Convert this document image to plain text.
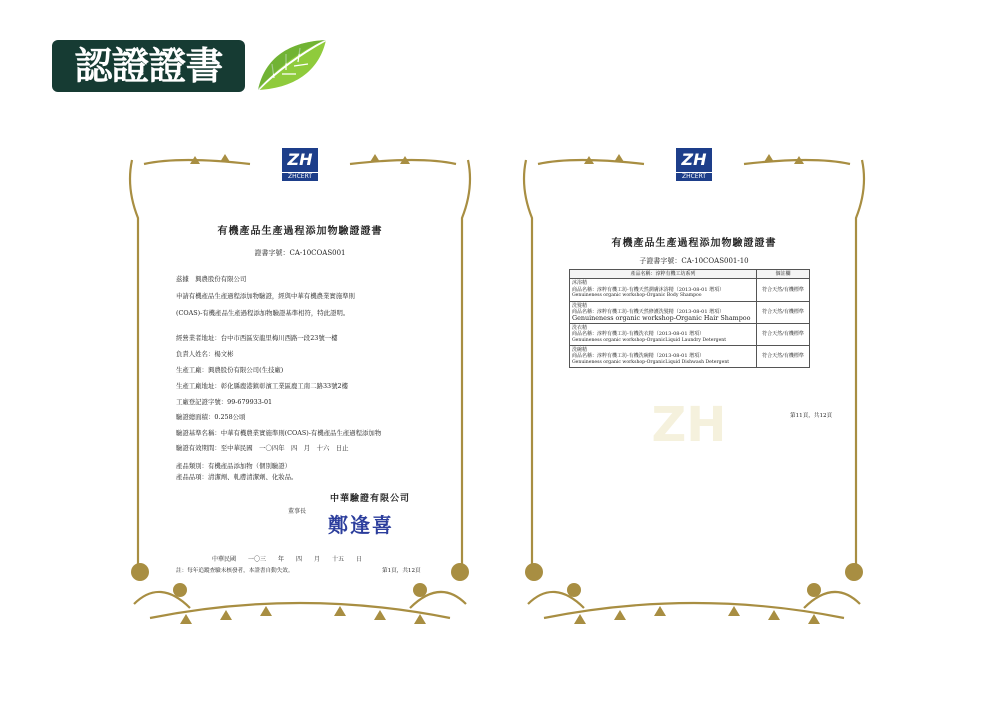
認證證書
ZH
ZHCERT
有機產品生產過程添加物驗證證書
證書字號：CA-10COAS001
茲據　興農股份有限公司
申請有機產品生產過程添加物驗證，經與中華有機農業實施準則
(COAS)-有機產品生產過程添加物驗證基準相符，特此證明。
經營業者地址：台中市西區安龍里梅川西路一段23號一樓
負責人姓名：楊文彬
生產工廠：興農股份有限公司(生技廠)
生產工廠地址：彰化縣鹿港鎮彰濱工業區鹿工南二路33號2樓
工廠登記證字號：99-679933-01
驗證總面積：0.258公頃
驗證基準名稱：中華有機農業實施準則(COAS)-有機產品生產過程添加物
驗證有效期間：至中華民國　一〇四年　四　月　十六　日止
產品類別：有機產品添加物（個別驗證）
產品品項：清潔劑、軋膚清潔劑、化妝品。
中華驗證有限公司
董事長
鄭逢喜
中華民國　　一〇三　　年　　四　　月　　十五　　日
註：每年追蹤查驗未核發者，本證書自動失效。	第1頁，共12頁
ZH
ZH
ZHCERT
有機產品生產過程添加物驗證證書
子證書字號：CA-10COAS001-10
產品名稱：淳粹有機工坊系列	個註欄

沐浴精
商品名稱：淳粹有機工坊-有機天然潤膚沐浴精（2013-08-01 增項）
Genuineness organic workshop-Organic Body Shampoo	符合天然/有機標準

洗髮精
商品名稱：淳粹有機工坊-有機天然修護洗髮精（2013-08-01 增項）
Genuineness organic workshop-Organic Hair Shampoo	符合天然/有機標準

洗衣精
商品名稱：淳粹有機工坊-有機洗衣精（2013-08-01 增項）
Genuineness organic workshop-OrganicLiquid Laundry Detergent	符合天然/有機標準

洗碗精
商品名稱：淳粹有機工坊-有機洗碗精（2013-08-01 增項）
Genuineness organic workshop-OrganicLiquid Dishwash Detergent	符合天然/有機標準
第11頁，共12頁
